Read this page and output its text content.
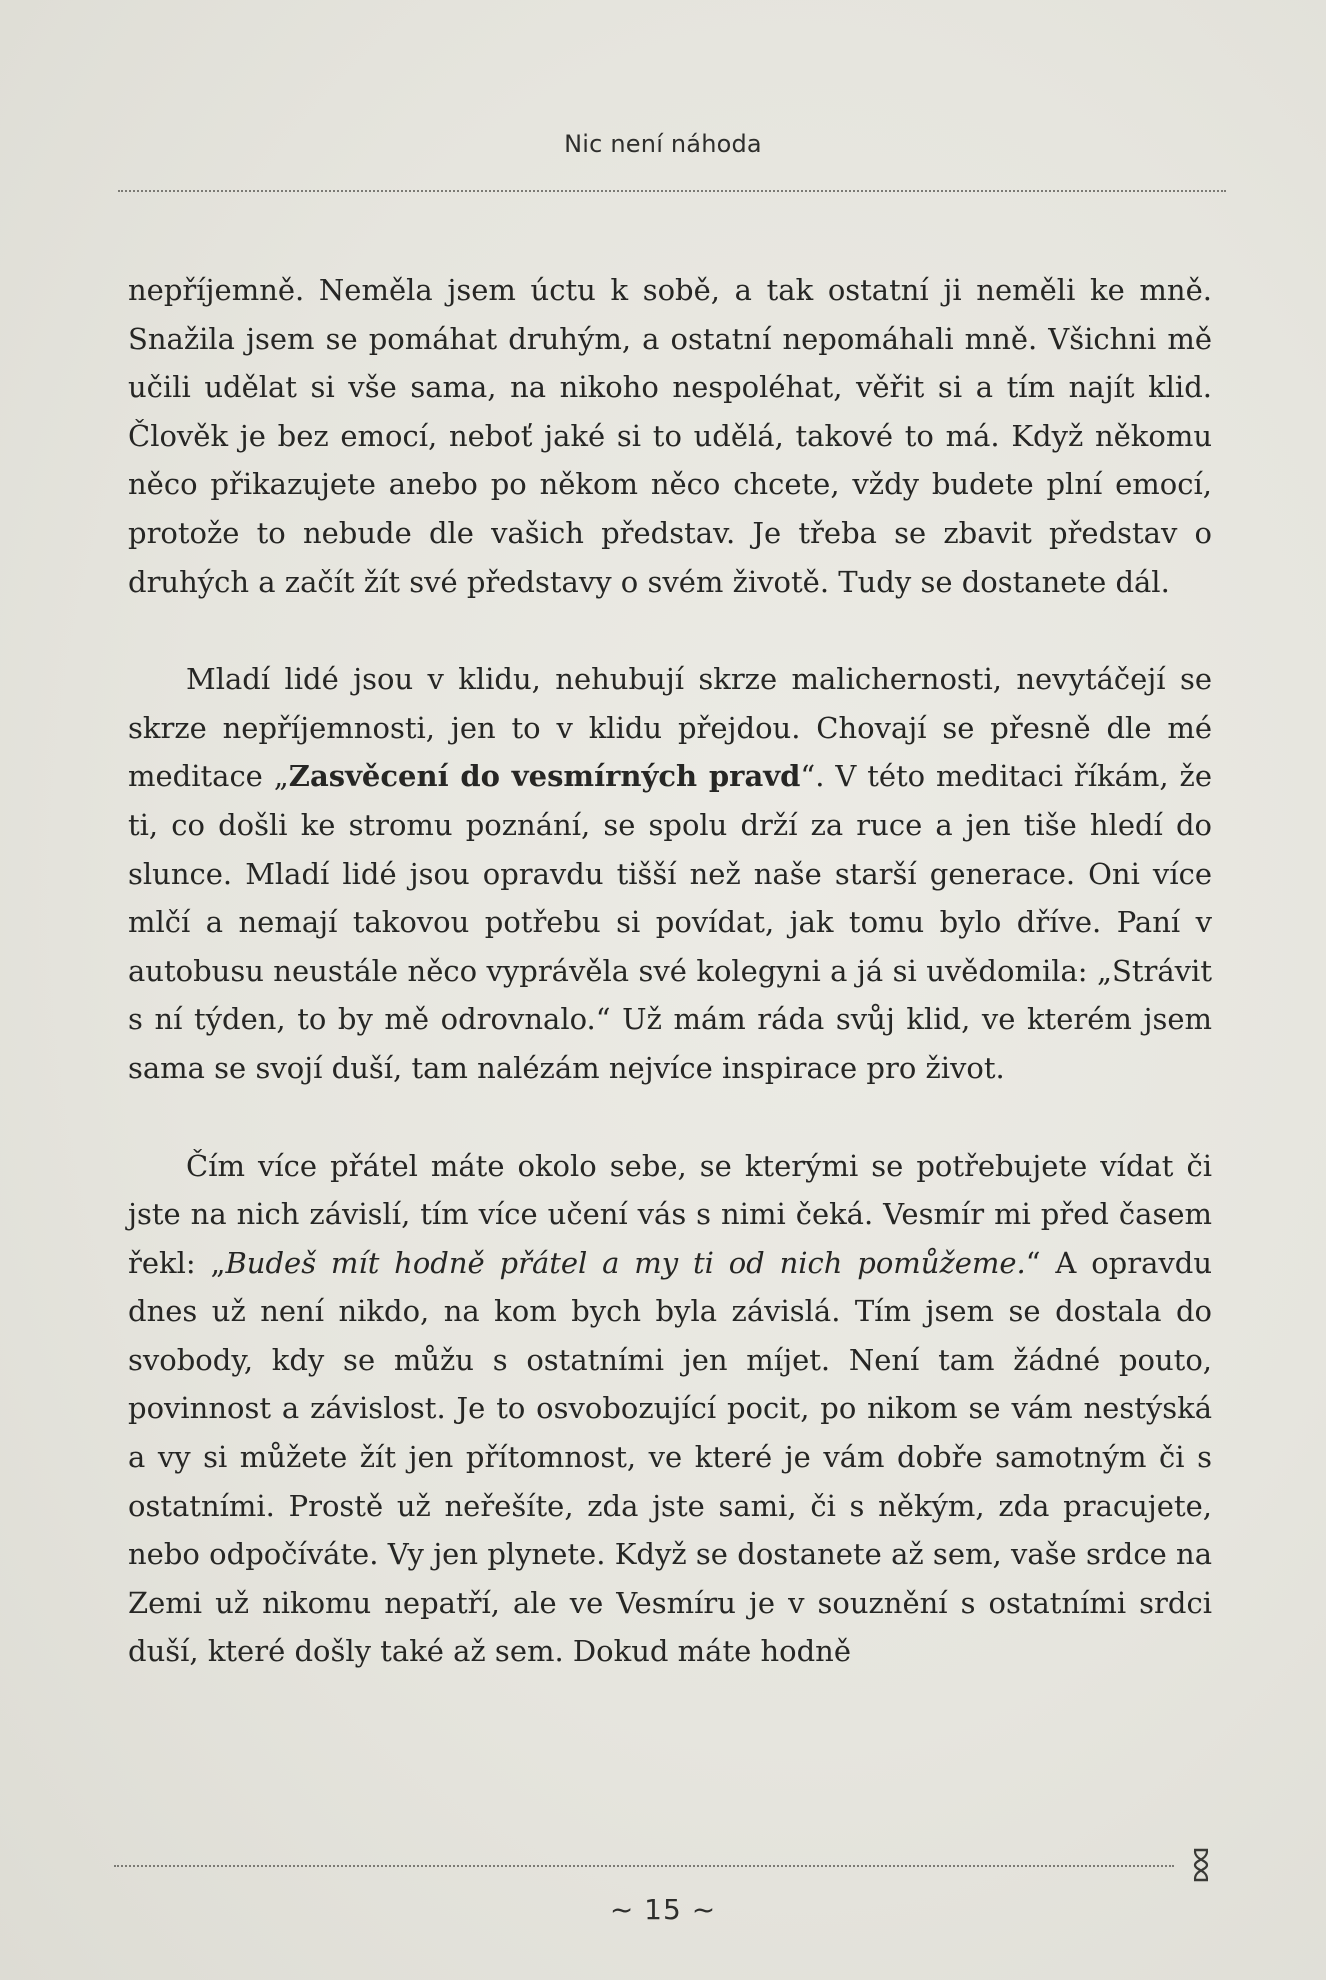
Nic není náhoda

nepříjemně. Neměla jsem úctu k sobě, a tak ostatní ji neměli ke mně. Snažila jsem se pomáhat druhým, a ostatní nepomáhali mně. Všichni mě učili udělat si vše sama, na nikoho nespoléhat, věřit si a tím najít klid. Člověk je bez emocí, neboť jaké si to udělá, takové to má. Když někomu něco přikazujete anebo po někom něco chcete, vždy budete plní emocí, protože to nebude dle vašich představ. Je třeba se zbavit představ o druhých a začít žít své představy o svém životě. Tudy se dostanete dál.

Mladí lidé jsou v klidu, nehubují skrze malichernosti, nevytáčejí se skrze nepříjemnosti, jen to v klidu přejdou. Chovají se přesně dle mé meditace „Zasvěcení do vesmírných pravd“. V této meditaci říkám, že ti, co došli ke stromu poznání, se spolu drží za ruce a jen tiše hledí do slunce. Mladí lidé jsou opravdu tišší než naše starší generace. Oni více mlčí a nemají takovou potřebu si povídat, jak tomu bylo dříve. Paní v autobusu neustále něco vyprávěla své kolegyni a já si uvědomila: „Strávit s ní týden, to by mě odrovnalo.“ Už mám ráda svůj klid, ve kterém jsem sama se svojí duší, tam nalézám nejvíce inspirace pro život.

Čím více přátel máte okolo sebe, se kterými se potřebujete vídat či jste na nich závislí, tím více učení vás s nimi čeká. Vesmír mi před časem řekl: „Budeš mít hodně přátel a my ti od nich pomůžeme.“ A opravdu dnes už není nikdo, na kom bych byla závislá. Tím jsem se dostala do svobody, kdy se můžu s ostatními jen míjet. Není tam žádné pouto, povinnost a závislost. Je to osvobozující pocit, po nikom se vám nestýská a vy si můžete žít jen přítomnost, ve které je vám dobře samotným či s ostatními. Prostě už neřešíte, zda jste sami, či s někým, zda pracujete, nebo odpočíváte. Vy jen plynete. Když se dostanete až sem, vaše srdce na Zemi už nikomu nepatří, ale ve Vesmíru je v souznění s ostatními srdci duší, které došly také až sem. Dokud máte hodně

~ 15 ~
